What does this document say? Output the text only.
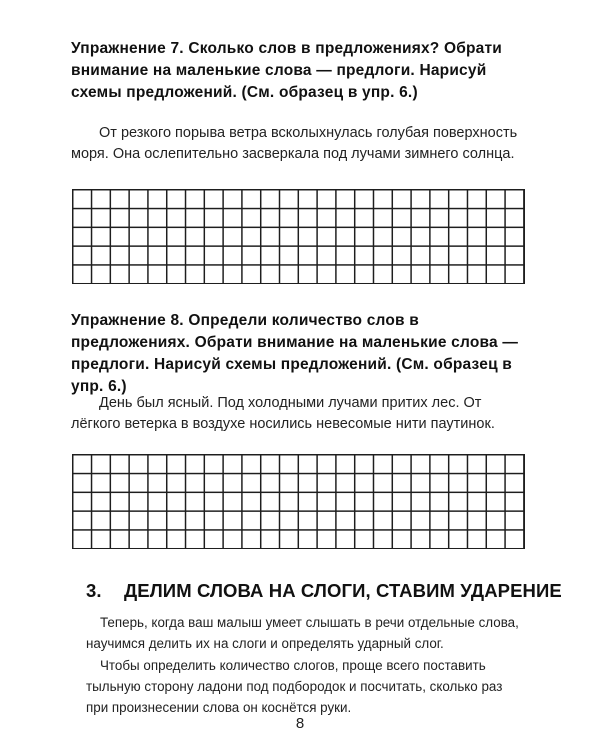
Упражнение 7. Сколько слов в предложениях? Обрати внимание на маленькие слова — предлоги. Нарисуй схемы предложений. (См. образец в упр. 6.)
От резкого порыва ветра всколыхнулась голубая поверхность моря. Она ослепительно засверкала под лучами зимнего солнца.
Упражнение 8. Определи количество слов в предложениях. Обрати внимание на маленькие слова — предлоги. Нарисуй схемы предложений. (См. образец в упр. 6.)
День был ясный. Под холодными лучами притих лес. От лёгкого ветерка в воздухе носились невесомые нити паутинок.
3. ДЕЛИМ СЛОВА НА СЛОГИ, СТАВИМ УДАРЕНИЕ
Теперь, когда ваш малыш умеет слышать в речи отдельные слова, научимся делить их на слоги и определять ударный слог.
Чтобы определить количество слогов, проще всего поставить тыльную сторону ладони под подбородок и посчитать, сколько раз при произнесении слова он коснётся руки.
8
